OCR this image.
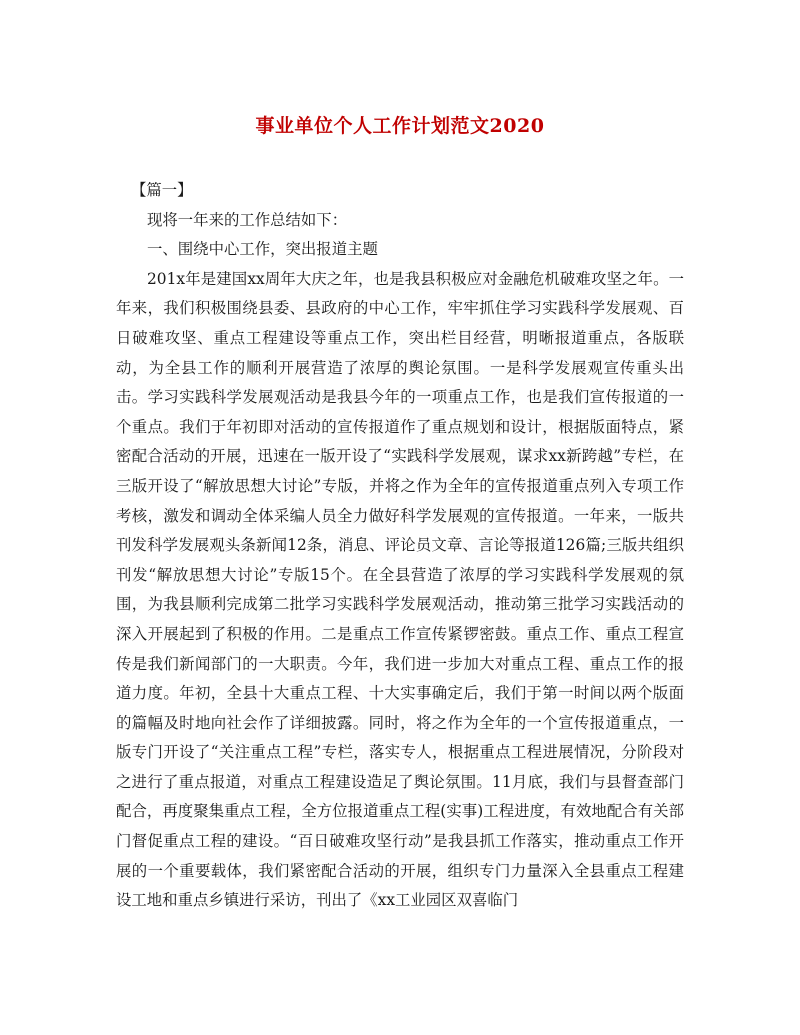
事业单位个人工作计划范文2020

【篇一】

现将一年来的工作总结如下：

一、围绕中心工作，突出报道主题

201x年是建国xx周年大庆之年，也是我县积极应对金融危机破难攻坚之年。一年来，我们积极围绕县委、县政府的中心工作，牢牢抓住学习实践科学发展观、百日破难攻坚、重点工程建设等重点工作，突出栏目经营，明晰报道重点，各版联动，为全县工作的顺利开展营造了浓厚的舆论氛围。一是科学发展观宣传重头出击。学习实践科学发展观活动是我县今年的一项重点工作，也是我们宣传报道的一个重点。我们于年初即对活动的宣传报道作了重点规划和设计，根据版面特点，紧密配合活动的开展，迅速在一版开设了“实践科学发展观，谋求xx新跨越”专栏，在三版开设了“解放思想大讨论”专版，并将之作为全年的宣传报道重点列入专项工作考核，激发和调动全体采编人员全力做好科学发展观的宣传报道。一年来，一版共刊发科学发展观头条新闻12条，消息、评论员文章、言论等报道126篇;三版共组织刊发“解放思想大讨论”专版15个。在全县营造了浓厚的学习实践科学发展观的氛围，为我县顺利完成第二批学习实践科学发展观活动，推动第三批学习实践活动的深入开展起到了积极的作用。二是重点工作宣传紧锣密鼓。重点工作、重点工程宣传是我们新闻部门的一大职责。今年，我们进一步加大对重点工程、重点工作的报道力度。年初，全县十大重点工程、十大实事确定后，我们于第一时间以两个版面的篇幅及时地向社会作了详细披露。同时，将之作为全年的一个宣传报道重点，一版专门开设了“关注重点工程”专栏，落实专人，根据重点工程进展情况，分阶段对之进行了重点报道，对重点工程建设造足了舆论氛围。11月底，我们与县督查部门配合，再度聚集重点工程，全方位报道重点工程(实事)工程进度，有效地配合有关部门督促重点工程的建设。“百日破难攻坚行动”是我县抓工作落实，推动重点工作开展的一个重要载体，我们紧密配合活动的开展，组织专门力量深入全县重点工程建设工地和重点乡镇进行采访，刊出了《xx工业园区双喜临门
